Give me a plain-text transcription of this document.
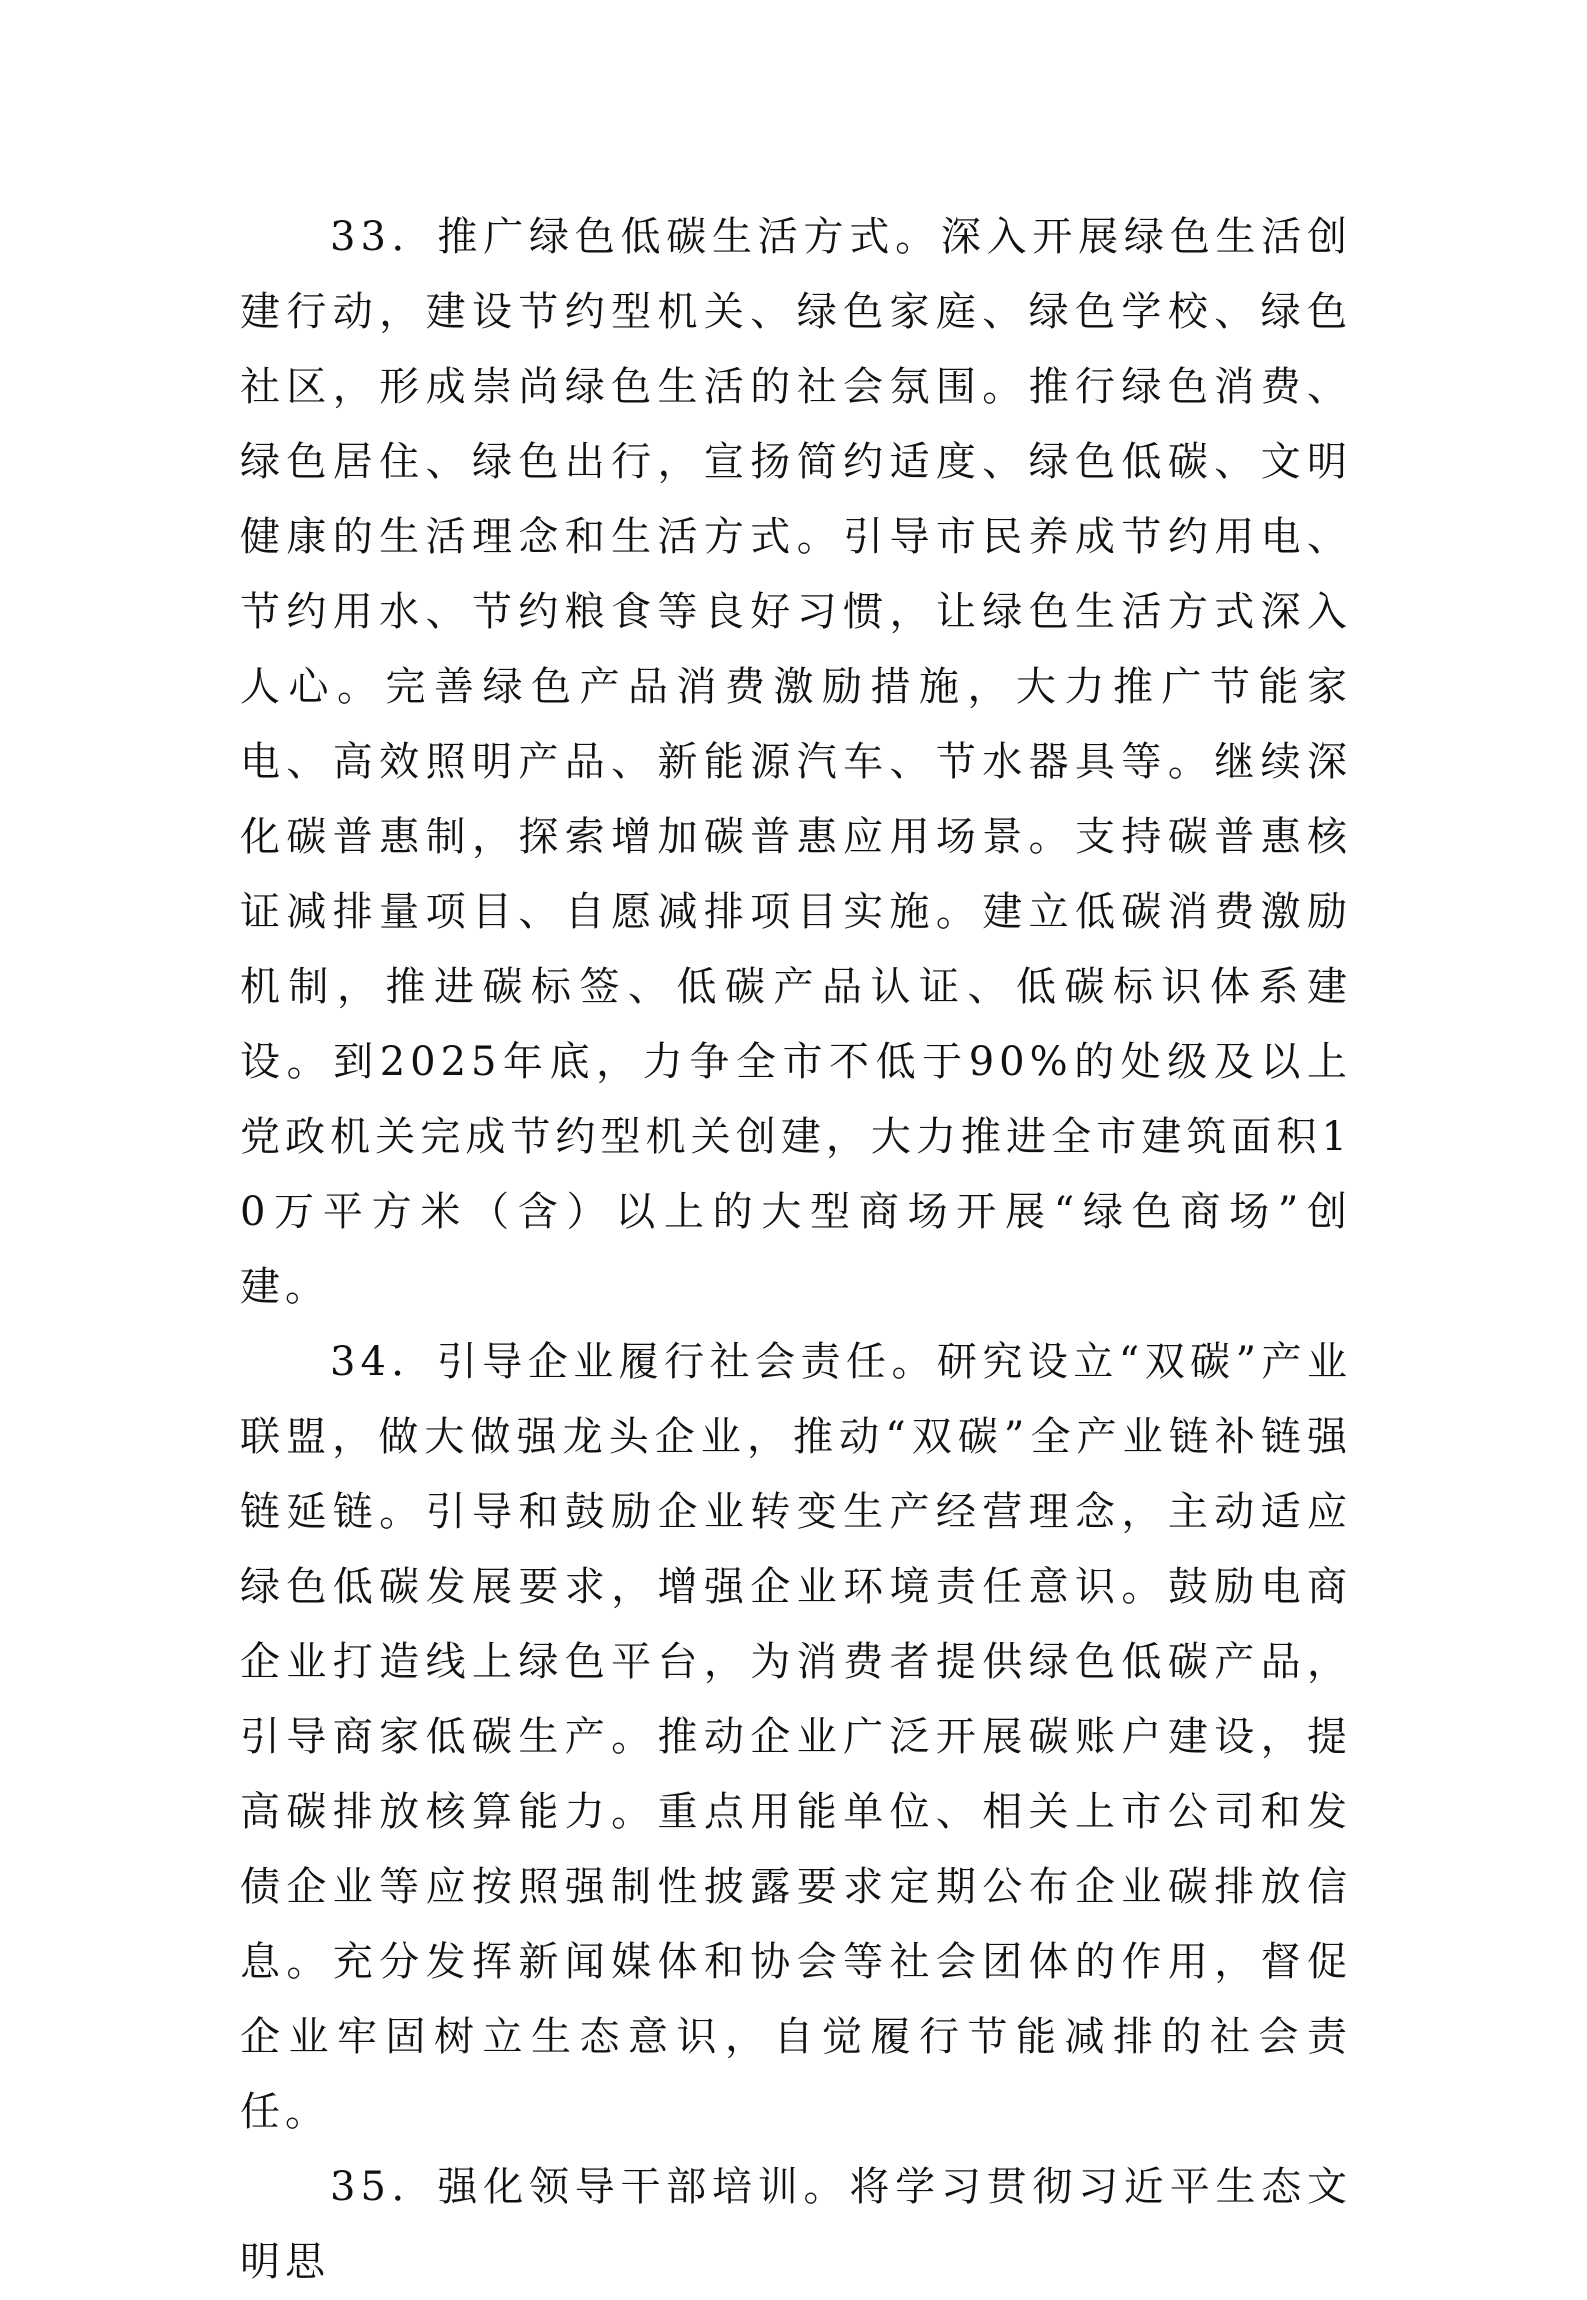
33．推广绿色低碳生活方式。深入开展绿色生活创建行动，建设节约型机关、绿色家庭、绿色学校、绿色社区，形成崇尚绿色生活的社会氛围。推行绿色消费、绿色居住、绿色出行，宣扬简约适度、绿色低碳、文明健康的生活理念和生活方式。引导市民养成节约用电、节约用水、节约粮食等良好习惯，让绿色生活方式深入人心。完善绿色产品消费激励措施，大力推广节能家电、高效照明产品、新能源汽车、节水器具等。继续深化碳普惠制，探索增加碳普惠应用场景。支持碳普惠核证减排量项目、自愿减排项目实施。建立低碳消费激励机制，推进碳标签、低碳产品认证、低碳标识体系建设。到2025年底，力争全市不低于90%的处级及以上党政机关完成节约型机关创建，大力推进全市建筑面积10万平方米（含）以上的大型商场开展“绿色商场”创建。

34．引导企业履行社会责任。研究设立“双碳”产业联盟，做大做强龙头企业，推动“双碳”全产业链补链强链延链。引导和鼓励企业转变生产经营理念，主动适应绿色低碳发展要求，增强企业环境责任意识。鼓励电商企业打造线上绿色平台，为消费者提供绿色低碳产品，引导商家低碳生产。推动企业广泛开展碳账户建设，提高碳排放核算能力。重点用能单位、相关上市公司和发债企业等应按照强制性披露要求定期公布企业碳排放信息。充分发挥新闻媒体和协会等社会团体的作用，督促企业牢固树立生态意识，自觉履行节能减排的社会责任。

35．强化领导干部培训。将学习贯彻习近平生态文明思
